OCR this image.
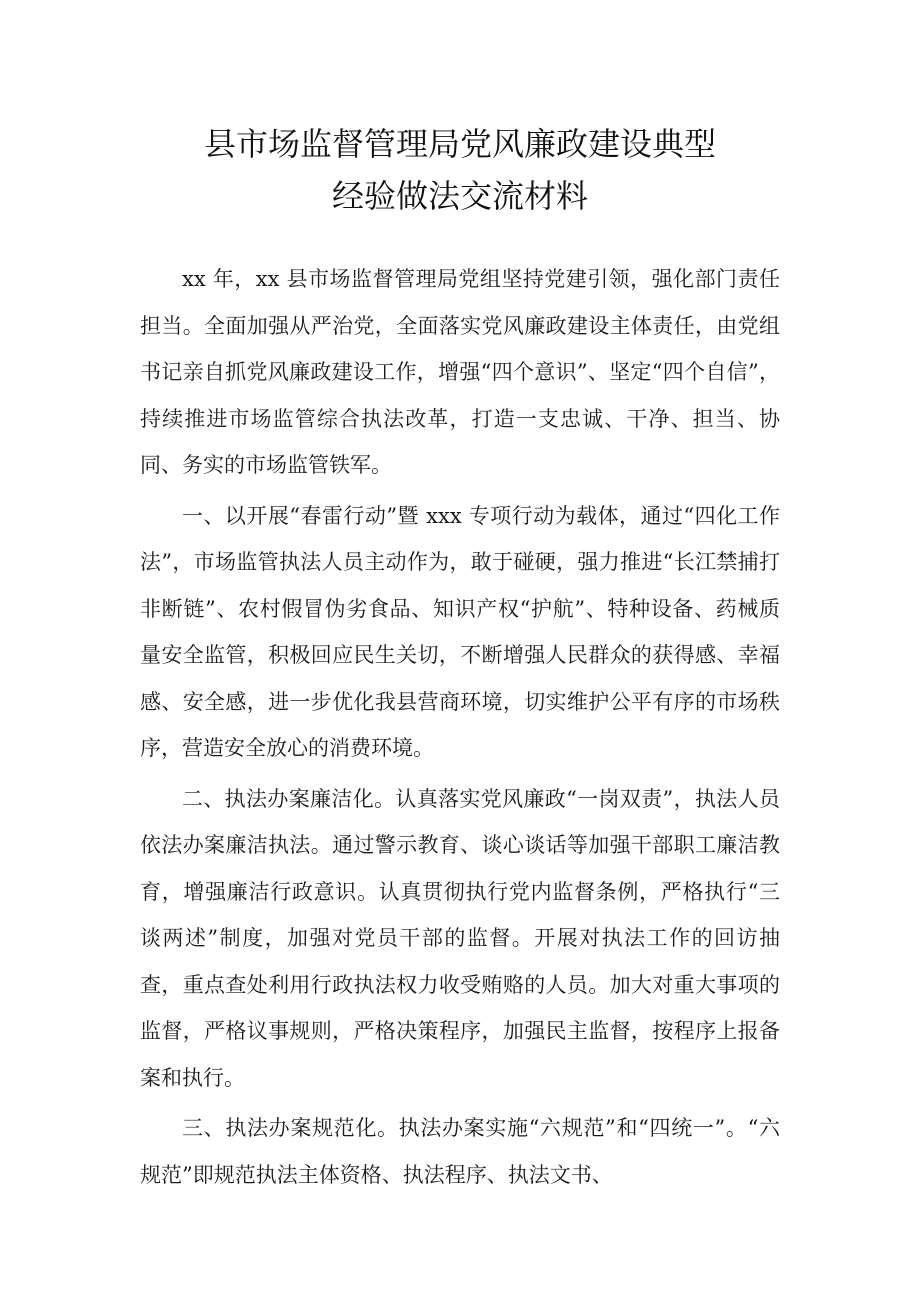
县市场监督管理局党风廉政建设典型
经验做法交流材料

xx 年，xx 县市场监督管理局党组坚持党建引领，强化部门责任担当。全面加强从严治党，全面落实党风廉政建设主体责任，由党组书记亲自抓党风廉政建设工作，增强“四个意识”、坚定“四个自信”，持续推进市场监管综合执法改革，打造一支忠诚、干净、担当、协同、务实的市场监管铁军。

一、以开展“春雷行动”暨 xxx 专项行动为载体，通过“四化工作法”，市场监管执法人员主动作为，敢于碰硬，强力推进“长江禁捕打非断链”、农村假冒伪劣食品、知识产权“护航”、特种设备、药械质量安全监管，积极回应民生关切，不断增强人民群众的获得感、幸福感、安全感，进一步优化我县营商环境，切实维护公平有序的市场秩序，营造安全放心的消费环境。

二、执法办案廉洁化。认真落实党风廉政“一岗双责”，执法人员依法办案廉洁执法。通过警示教育、谈心谈话等加强干部职工廉洁教育，增强廉洁行政意识。认真贯彻执行党内监督条例，严格执行“三谈两述”制度，加强对党员干部的监督。开展对执法工作的回访抽查，重点查处利用行政执法权力收受贿赂的人员。加大对重大事项的监督，严格议事规则，严格决策程序，加强民主监督，按程序上报备案和执行。

三、执法办案规范化。执法办案实施“六规范”和“四统一”。“六规范”即规范执法主体资格、执法程序、执法文书、
